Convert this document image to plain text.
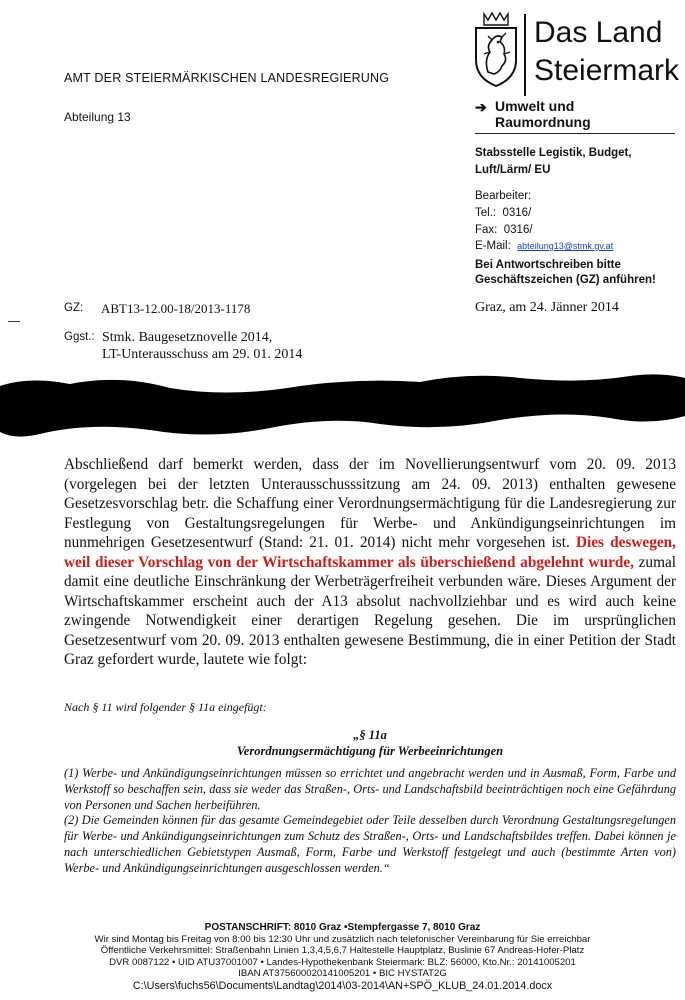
AMT DER STEIERMÄRKISCHEN LANDESREGIERUNG
Abteilung 13
Das Land
Steiermark
➔ Umwelt und
Raumordnung
Stabsstelle Legistik, Budget,
Luft/Lärm/ EU
Bearbeiter:
Tel.: 0316/
Fax: 0316/
E-Mail: abteilung13@stmk.gv.at
Bei Antwortschreiben bitte
Geschäftszeichen (GZ) anführen!
GZ: ABT13-12.00-18/2013-1178	Graz, am 24. Jänner 2014
Ggst.: Stmk. Baugesetznovelle 2014,
LT-Unterausschuss am 29. 01. 2014
Abschließend darf bemerkt werden, dass der im Novellierungsentwurf vom 20. 09. 2013 (vorgelegen bei der letzten Unterausschusssitzung am 24. 09. 2013) enthalten gewesene Gesetzesvorschlag betr. die Schaffung einer Verordnungsermächtigung für die Landesregierung zur Festlegung von Gestaltungsregelungen für Werbe- und Ankündigungseinrichtungen im nunmehrigen Gesetzesentwurf (Stand: 21. 01. 2014) nicht mehr vorgesehen ist. Dies deswegen, weil dieser Vorschlag von der Wirtschaftskammer als überschießend abgelehnt wurde, zumal damit eine deutliche Einschränkung der Werbeträgerfreiheit verbunden wäre. Dieses Argument der Wirtschaftskammer erscheint auch der A13 absolut nachvollziehbar und es wird auch keine zwingende Notwendigkeit einer derartigen Regelung gesehen. Die im ursprünglichen Gesetzesentwurf vom 20. 09. 2013 enthalten gewesene Bestimmung, die in einer Petition der Stadt Graz gefordert wurde, lautete wie folgt:
Nach § 11 wird folgender § 11a eingefügt:
„§ 11a
Verordnungsermächtigung für Werbeeinrichtungen

(1) Werbe- und Ankündigungseinrichtungen müssen so errichtet und angebracht werden und in Ausmaß, Form, Farbe und Werkstoff so beschaffen sein, dass sie weder das Straßen-, Orts- und Landschaftsbild beeinträchtigen noch eine Gefährdung von Personen und Sachen herbeiführen.

(2) Die Gemeinden können für das gesamte Gemeindegebiet oder Teile desselben durch Verordnung Gestaltungsregelungen für Werbe- und Ankündigungseinrichtungen zum Schutz des Straßen-, Orts- und Landschaftsbildes treffen. Dabei können je nach unterschiedlichen Gebietstypen Ausmaß, Form, Farbe und Werkstoff festgelegt und auch (bestimmte Arten von) Werbe- und Ankündigungseinrichtungen ausgeschlossen werden.“

POSTANSCHRIFT: 8010 Graz •Stempfergasse 7, 8010 Graz
Wir sind Montag bis Freitag von 8:00 bis 12:30 Uhr und zusätzlich nach telefonischer Vereinbarung für Sie erreichbar
Öffentliche Verkehrsmittel: Straßenbahn Linien 1,3,4,5,6,7 Haltestelle Hauptplatz, Buslinie 67 Andreas-Hofer-Platz
DVR 0087122 • UID ATU37001007 • Landes-Hypothekenbank Steiermark: BLZ: 56000, Kto.Nr.: 20141005201
IBAN AT375600020141005201 • BIC HYSTAT2G
C:\Users\fuchs56\Documents\Landtag\2014\03-2014\AN+SPÖ_KLUB_24.01.2014.docx
